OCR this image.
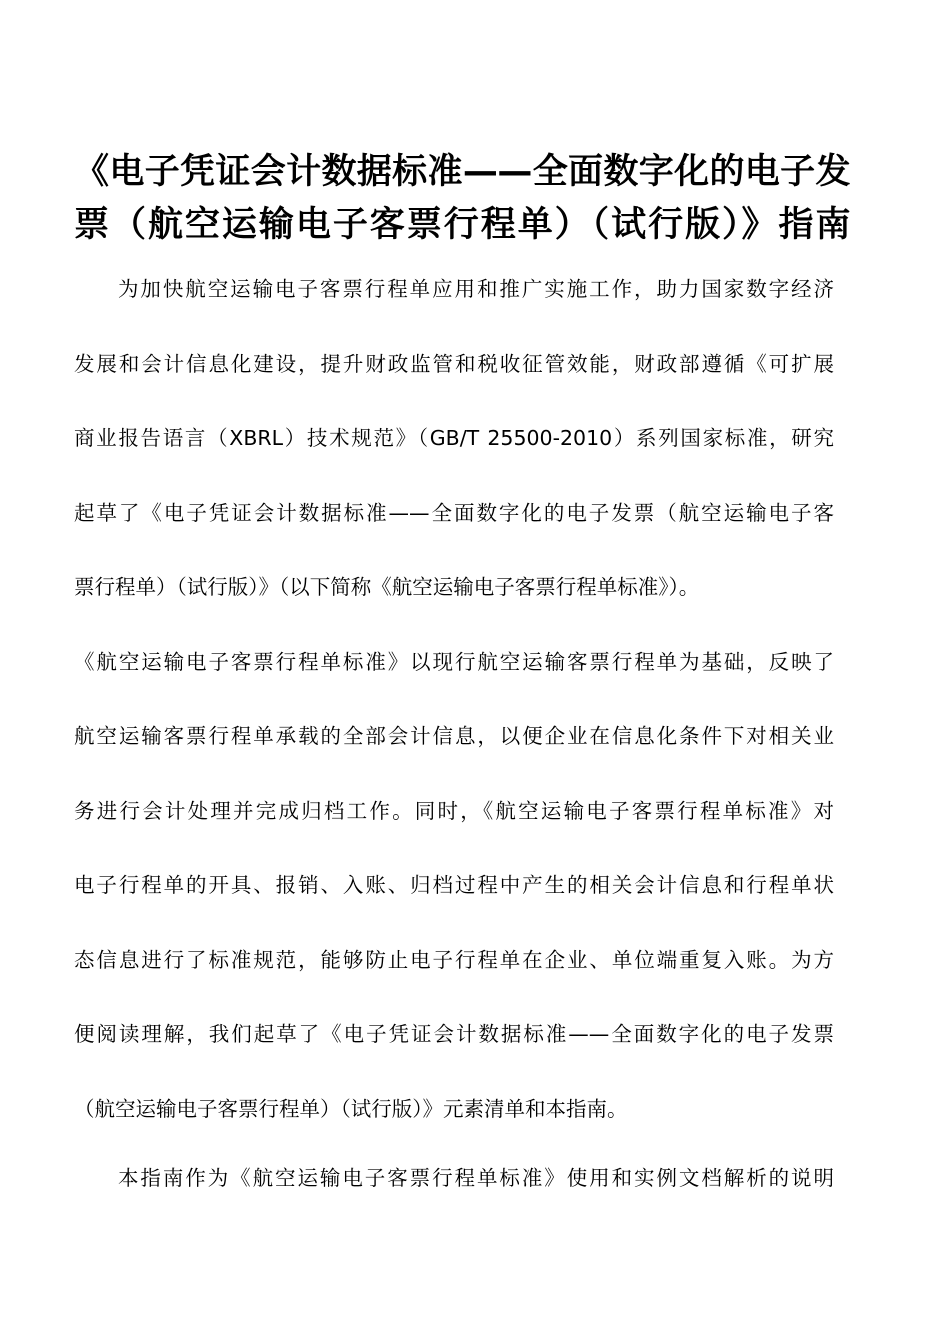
《电子凭证会计数据标准——全面数字化的电子发
票（航空运输电子客票行程单）（试行版）》指南
为加快航空运输电子客票行程单应用和推广实施工作，助力国家数字经济
发展和会计信息化建设，提升财政监管和税收征管效能，财政部遵循《可扩展
商业报告语言（XBRL）技术规范》（GB/T 25500-2010）系列国家标准，研究
起草了《电子凭证会计数据标准——全面数字化的电子发票（航空运输电子客
票行程单）（试行版）》（以下简称《航空运输电子客票行程单标准》）。
《航空运输电子客票行程单标准》以现行航空运输客票行程单为基础，反映了
航空运输客票行程单承载的全部会计信息，以便企业在信息化条件下对相关业
务进行会计处理并完成归档工作。同时，《航空运输电子客票行程单标准》对
电子行程单的开具、报销、入账、归档过程中产生的相关会计信息和行程单状
态信息进行了标准规范，能够防止电子行程单在企业、单位端重复入账。为方
便阅读理解，我们起草了《电子凭证会计数据标准——全面数字化的电子发票
（航空运输电子客票行程单）（试行版）》元素清单和本指南。
本指南作为《航空运输电子客票行程单标准》使用和实例文档解析的说明
